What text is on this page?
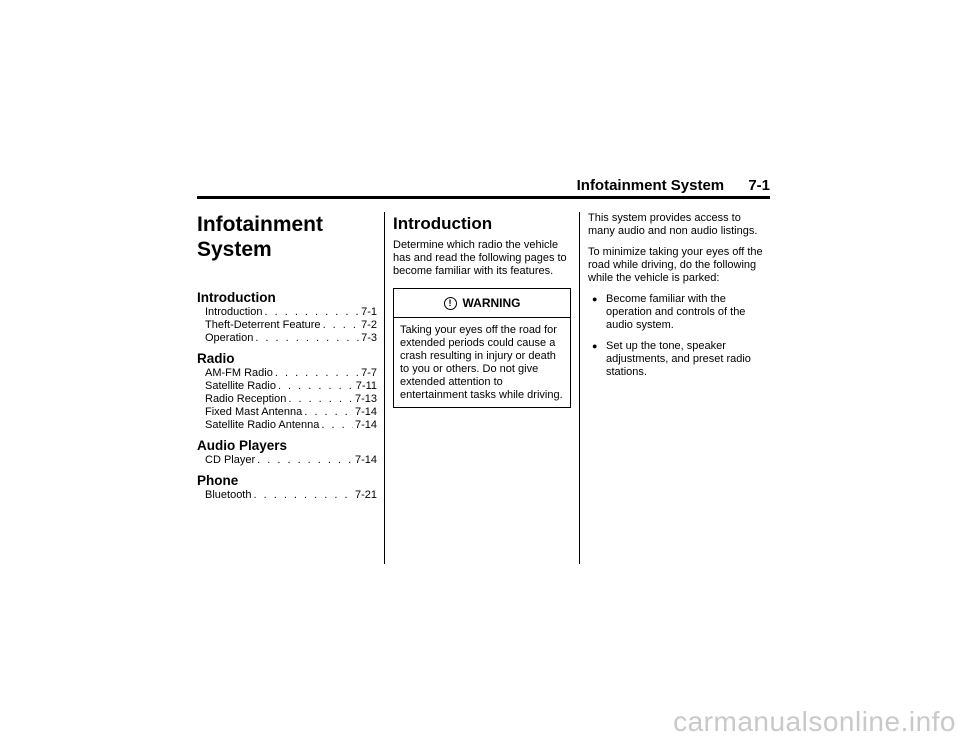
Infotainment System 7-1
Infotainment
System
Introduction
Introduction . . .	7-1
Theft-Deterrent Feature . . .	7-2
Operation . . .	7-3
Radio
AM-FM Radio . . .	7-7
Satellite Radio . . .	7-11
Radio Reception . . .	7-13
Fixed Mast Antenna . . .	7-14
Satellite Radio Antenna . . .	7-14
Audio Players
CD Player . . .	7-14
Phone
Bluetooth . . .	7-21
Introduction

Determine which radio the vehicle has and read the following pages to become familiar with its features.

! WARNING
Taking your eyes off the road for extended periods could cause a crash resulting in injury or death to you or others. Do not give extended attention to entertainment tasks while driving.

This system provides access to many audio and non audio listings.

To minimize taking your eyes off the road while driving, do the following while the vehicle is parked:

● Become familiar with the operation and controls of the audio system.
● Set up the tone, speaker adjustments, and preset radio stations.
carmanualsonline.info
